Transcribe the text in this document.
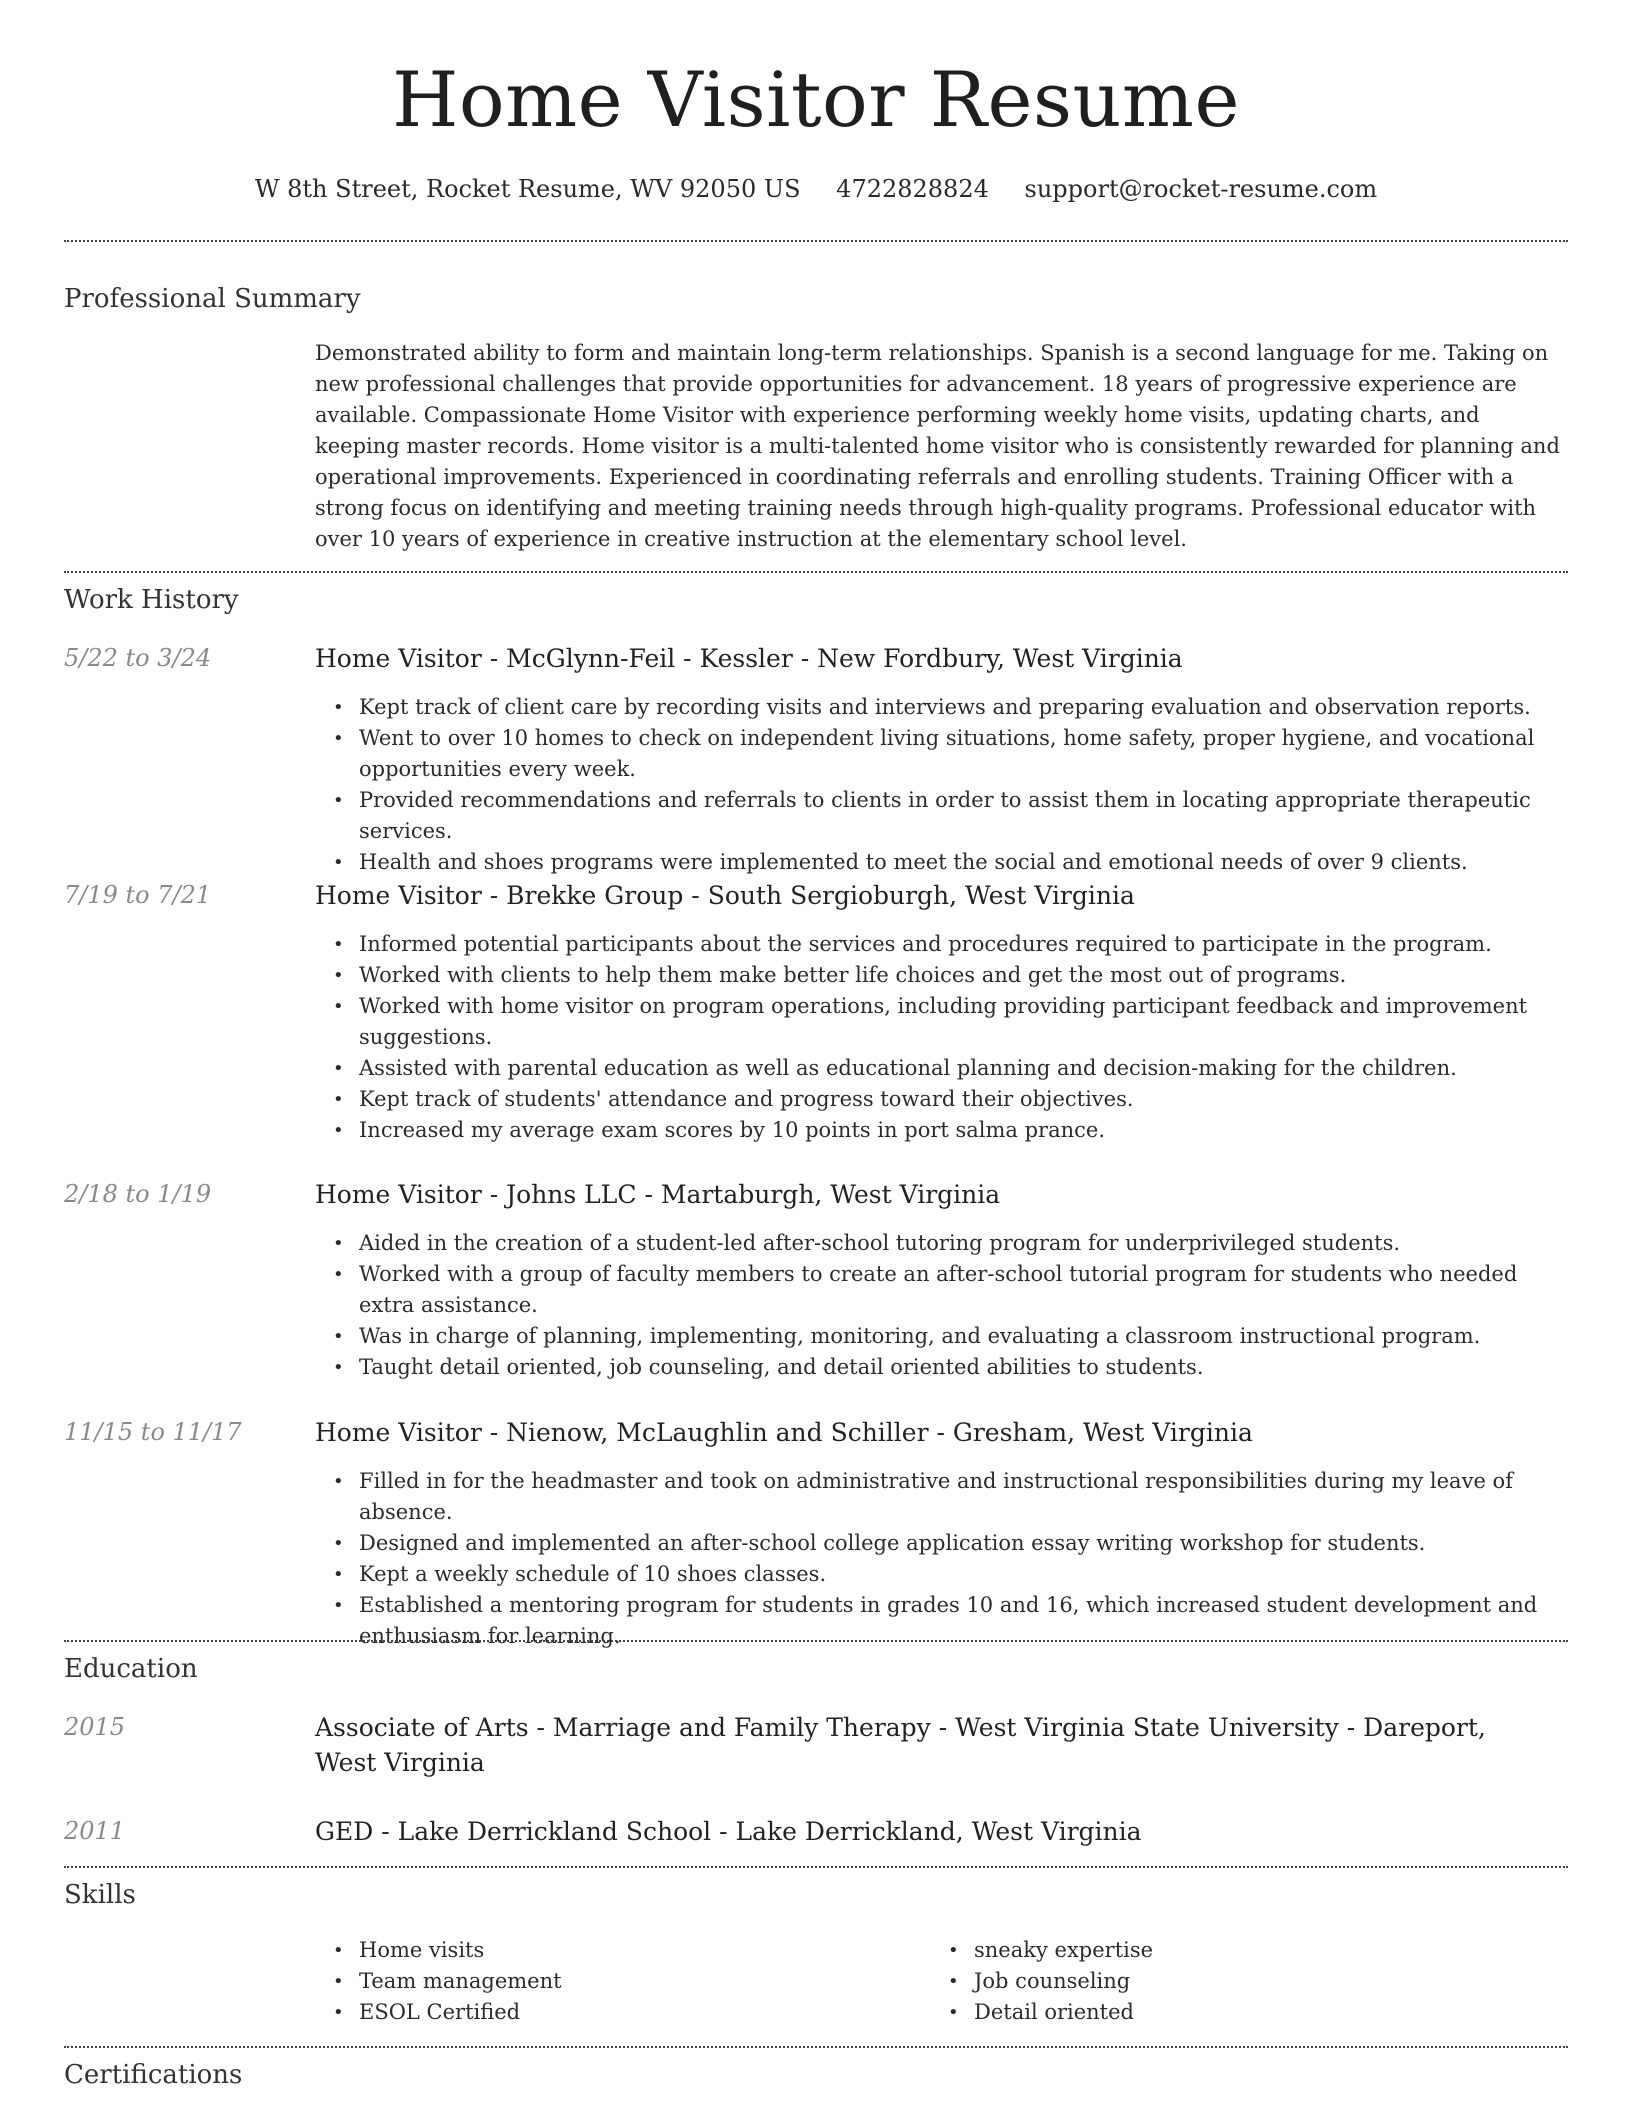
Home Visitor Resume
W 8th Street, Rocket Resume, WV 92050 US 4722828824 support@rocket-resume.com
Professional Summary
Demonstrated ability to form and maintain long-term relationships. Spanish is a second language for me. Taking on new professional challenges that provide opportunities for advancement. 18 years of progressive experience are available. Compassionate Home Visitor with experience performing weekly home visits, updating charts, and keeping master records. Home visitor is a multi-talented home visitor who is consistently rewarded for planning and operational improvements. Experienced in coordinating referrals and enrolling students. Training Officer with a strong focus on identifying and meeting training needs through high-quality programs. Professional educator with over 10 years of experience in creative instruction at the elementary school level.
Work History
5/22 to 3/24	Home Visitor - McGlynn-Feil - Kessler - New Fordbury, West Virginia
• Kept track of client care by recording visits and interviews and preparing evaluation and observation reports.
• Went to over 10 homes to check on independent living situations, home safety, proper hygiene, and vocational opportunities every week.
• Provided recommendations and referrals to clients in order to assist them in locating appropriate therapeutic services.
• Health and shoes programs were implemented to meet the social and emotional needs of over 9 clients.
7/19 to 7/21	Home Visitor - Brekke Group - South Sergioburgh, West Virginia
• Informed potential participants about the services and procedures required to participate in the program.
• Worked with clients to help them make better life choices and get the most out of programs.
• Worked with home visitor on program operations, including providing participant feedback and improvement suggestions.
• Assisted with parental education as well as educational planning and decision-making for the children.
• Kept track of students' attendance and progress toward their objectives.
• Increased my average exam scores by 10 points in port salma prance.
2/18 to 1/19	Home Visitor - Johns LLC - Martaburgh, West Virginia
• Aided in the creation of a student-led after-school tutoring program for underprivileged students.
• Worked with a group of faculty members to create an after-school tutorial program for students who needed extra assistance.
• Was in charge of planning, implementing, monitoring, and evaluating a classroom instructional program.
• Taught detail oriented, job counseling, and detail oriented abilities to students.
11/15 to 11/17	Home Visitor - Nienow, McLaughlin and Schiller - Gresham, West Virginia
• Filled in for the headmaster and took on administrative and instructional responsibilities during my leave of absence.
• Designed and implemented an after-school college application essay writing workshop for students.
• Kept a weekly schedule of 10 shoes classes.
• Established a mentoring program for students in grades 10 and 16, which increased student development and enthusiasm for learning.
Education
2015	Associate of Arts - Marriage and Family Therapy - West Virginia State University - Dareport, West Virginia
2011	GED - Lake Derrickland School - Lake Derrickland, West Virginia
Skills
• Home visits
• Team management
• ESOL Certified
• sneaky expertise
• Job counseling
• Detail oriented
Certifications
